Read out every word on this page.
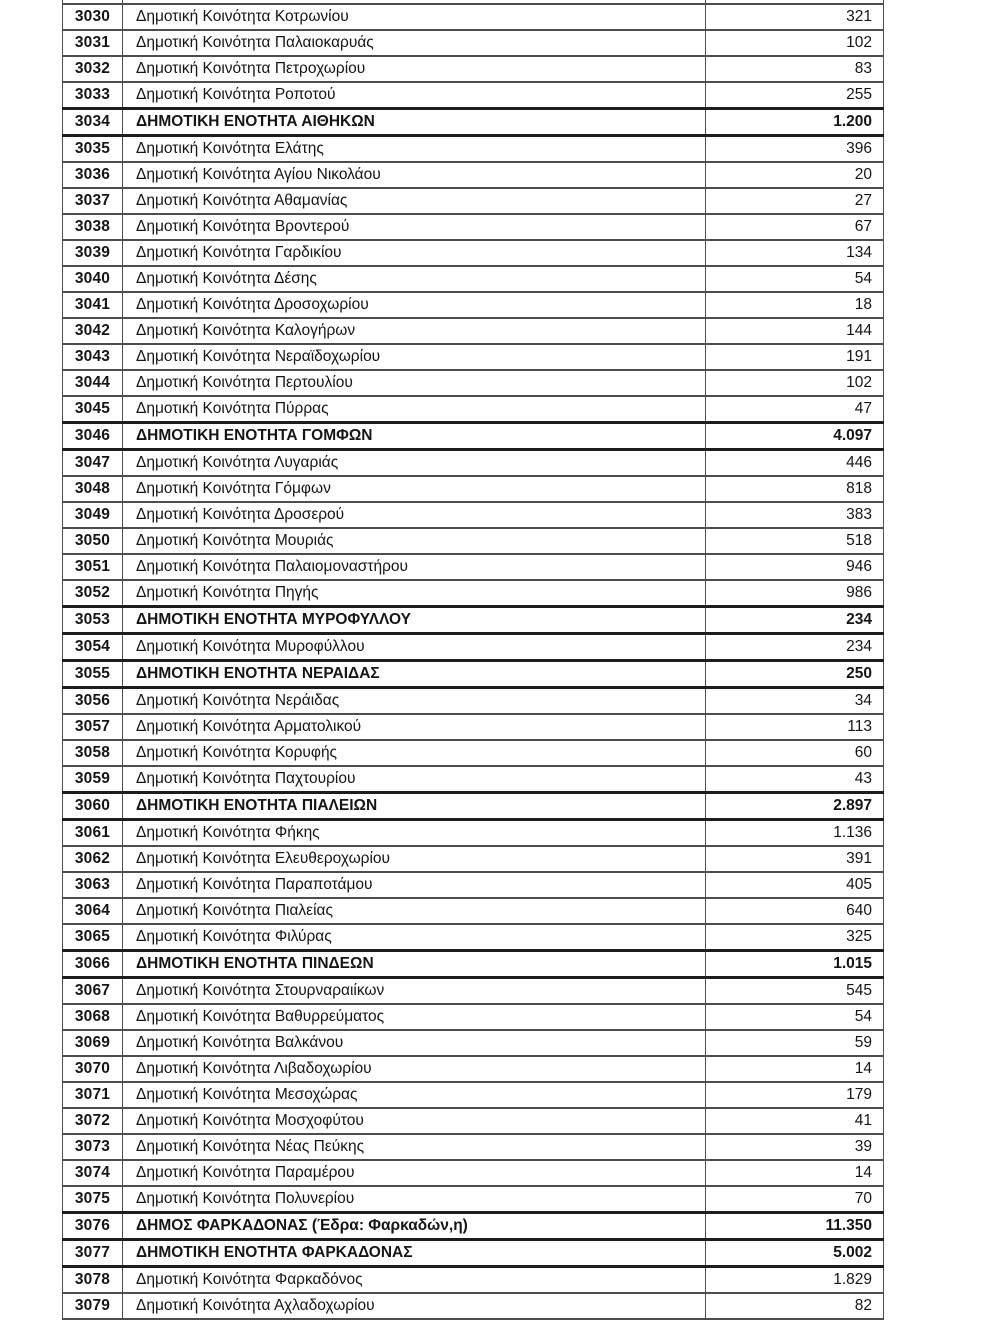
3030	Δημοτική Κοινότητα Κοτρωνίου	321
3031	Δημοτική Κοινότητα Παλαιοκαρυάς	102
3032	Δημοτική Κοινότητα Πετροχωρίου	83
3033	Δημοτική Κοινότητα Ροποτού	255
3034	ΔΗΜΟΤΙΚΗ ΕΝΟΤΗΤΑ ΑΙΘΗΚΩΝ	1.200
3035	Δημοτική Κοινότητα Ελάτης	396
3036	Δημοτική Κοινότητα Αγίου Νικολάου	20
3037	Δημοτική Κοινότητα Αθαμανίας	27
3038	Δημοτική Κοινότητα Βροντερού	67
3039	Δημοτική Κοινότητα Γαρδικίου	134
3040	Δημοτική Κοινότητα Δέσης	54
3041	Δημοτική Κοινότητα Δροσοχωρίου	18
3042	Δημοτική Κοινότητα Καλογήρων	144
3043	Δημοτική Κοινότητα Νεραϊδοχωρίου	191
3044	Δημοτική Κοινότητα Περτουλίου	102
3045	Δημοτική Κοινότητα Πύρρας	47
3046	ΔΗΜΟΤΙΚΗ ΕΝΟΤΗΤΑ ΓΟΜΦΩΝ	4.097
3047	Δημοτική Κοινότητα Λυγαριάς	446
3048	Δημοτική Κοινότητα Γόμφων	818
3049	Δημοτική Κοινότητα Δροσερού	383
3050	Δημοτική Κοινότητα Μουριάς	518
3051	Δημοτική Κοινότητα Παλαιομοναστήρου	946
3052	Δημοτική Κοινότητα Πηγής	986
3053	ΔΗΜΟΤΙΚΗ ΕΝΟΤΗΤΑ ΜΥΡΟΦΥΛΛΟΥ	234
3054	Δημοτική Κοινότητα Μυροφύλλου	234
3055	ΔΗΜΟΤΙΚΗ ΕΝΟΤΗΤΑ ΝΕΡΑΙΔΑΣ	250
3056	Δημοτική Κοινότητα Νεράιδας	34
3057	Δημοτική Κοινότητα Αρματολικού	113
3058	Δημοτική Κοινότητα Κορυφής	60
3059	Δημοτική Κοινότητα Παχτουρίου	43
3060	ΔΗΜΟΤΙΚΗ ΕΝΟΤΗΤΑ ΠΙΑΛΕΙΩΝ	2.897
3061	Δημοτική Κοινότητα Φήκης	1.136
3062	Δημοτική Κοινότητα Ελευθεροχωρίου	391
3063	Δημοτική Κοινότητα Παραποτάμου	405
3064	Δημοτική Κοινότητα Πιαλείας	640
3065	Δημοτική Κοινότητα Φιλύρας	325
3066	ΔΗΜΟΤΙΚΗ ΕΝΟΤΗΤΑ ΠΙΝΔΕΩΝ	1.015
3067	Δημοτική Κοινότητα Στουρναραιίκων	545
3068	Δημοτική Κοινότητα Βαθυρρεύματος	54
3069	Δημοτική Κοινότητα Βαλκάνου	59
3070	Δημοτική Κοινότητα Λιβαδοχωρίου	14
3071	Δημοτική Κοινότητα Μεσοχώρας	179
3072	Δημοτική Κοινότητα Μοσχοφύτου	41
3073	Δημοτική Κοινότητα Νέας Πεύκης	39
3074	Δημοτική Κοινότητα Παραμέρου	14
3075	Δημοτική Κοινότητα Πολυνερίου	70
3076	ΔΗΜΟΣ ΦΑΡΚΑΔΟΝΑΣ (Έδρα: Φαρκαδών,η)	11.350
3077	ΔΗΜΟΤΙΚΗ ΕΝΟΤΗΤΑ ΦΑΡΚΑΔΟΝΑΣ	5.002
3078	Δημοτική Κοινότητα Φαρκαδόνος	1.829
3079	Δημοτική Κοινότητα Αχλαδοχωρίου	82
